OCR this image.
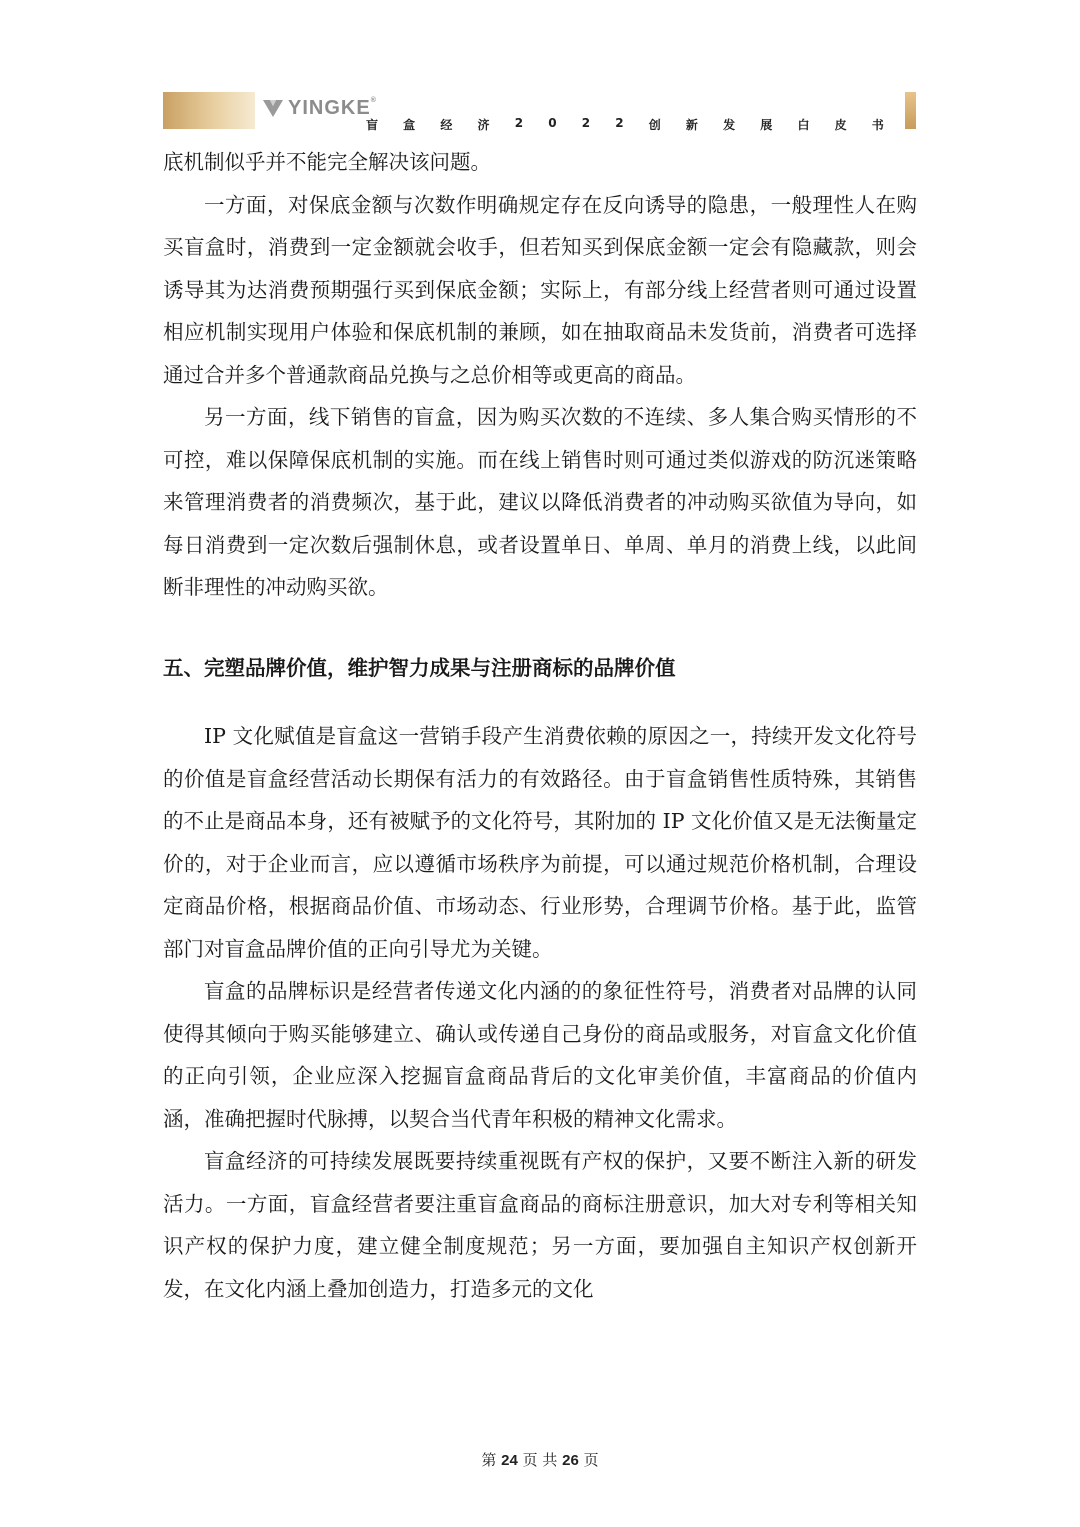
YINGKE®
盲 盒 经 济 2 0 2 2 创 新 发 展 白 皮 书

底机制似乎并不能完全解决该问题。

一方面，对保底金额与次数作明确规定存在反向诱导的隐患，一般理性人在购买盲盒时，消费到一定金额就会收手，但若知买到保底金额一定会有隐藏款，则会诱导其为达消费预期强行买到保底金额；实际上，有部分线上经营者则可通过设置相应机制实现用户体验和保底机制的兼顾，如在抽取商品未发货前，消费者可选择通过合并多个普通款商品兑换与之总价相等或更高的商品。

另一方面，线下销售的盲盒，因为购买次数的不连续、多人集合购买情形的不可控，难以保障保底机制的实施。而在线上销售时则可通过类似游戏的防沉迷策略来管理消费者的消费频次，基于此，建议以降低消费者的冲动购买欲值为导向，如每日消费到一定次数后强制休息，或者设置单日、单周、单月的消费上线，以此间断非理性的冲动购买欲。

五、完塑品牌价值，维护智力成果与注册商标的品牌价值

IP 文化赋值是盲盒这一营销手段产生消费依赖的原因之一，持续开发文化符号的价值是盲盒经营活动长期保有活力的有效路径。由于盲盒销售性质特殊，其销售的不止是商品本身，还有被赋予的文化符号，其附加的 IP 文化价值又是无法衡量定价的，对于企业而言，应以遵循市场秩序为前提，可以通过规范价格机制，合理设定商品价格，根据商品价值、市场动态、行业形势，合理调节价格。基于此，监管部门对盲盒品牌价值的正向引导尤为关键。

盲盒的品牌标识是经营者传递文化内涵的的象征性符号，消费者对品牌的认同使得其倾向于购买能够建立、确认或传递自己身份的商品或服务，对盲盒文化价值的正向引领，企业应深入挖掘盲盒商品背后的文化审美价值，丰富商品的价值内涵，准确把握时代脉搏，以契合当代青年积极的精神文化需求。

盲盒经济的可持续发展既要持续重视既有产权的保护，又要不断注入新的研发活力。一方面，盲盒经营者要注重盲盒商品的商标注册意识，加大对专利等相关知识产权的保护力度，建立健全制度规范；另一方面，要加强自主知识产权创新开发，在文化内涵上叠加创造力，打造多元的文化

第 24 页 共 26 页
